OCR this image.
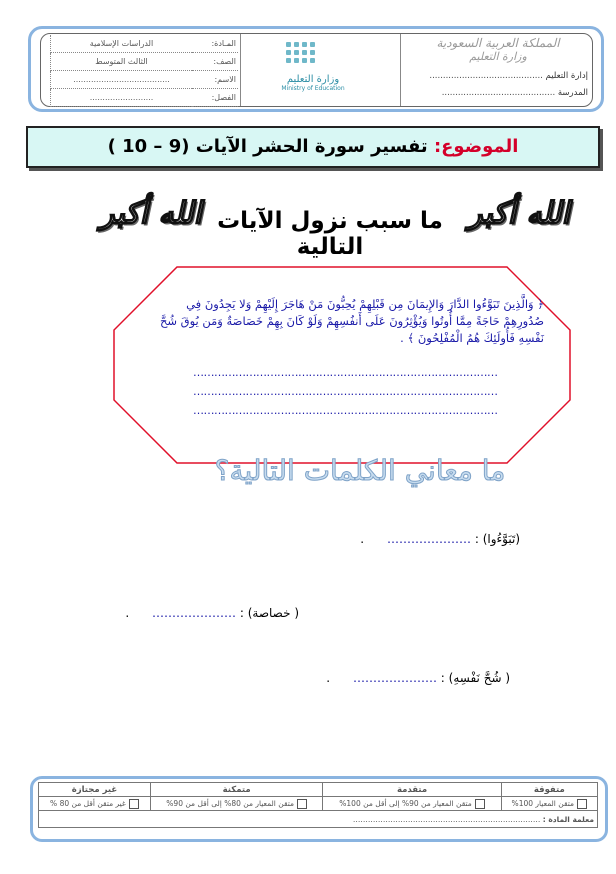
المملكة العربية السعودية
وزارة التعليم
إدارة التعليم ..........................................
المدرسة ..........................................
وزارة التعليم
Ministry of Education
الدراسات الإسلامية	المـادة:
الثالث المتوسط	الصف:
......................................	الاسم:
.........................	الفصل:
الموضوع: تفسير سورة الحشر الآيات (9 – 10 )
الله أكبر	الله أكبر
ما سبب نزول الآيات التالية
﴿ وَالَّذِينَ تَبَوَّءُوا الدَّارَ وَالإِيمَانَ مِن قَبْلِهِمْ يُحِبُّونَ مَنْ هَاجَرَ إِلَيْهِمْ وَلا يَجِدُونَ فِي صُدُورِهِمْ حَاجَةً مِمَّا أُوتُوا وَيُؤْثِرُونَ عَلَى أَنفُسِهِمْ وَلَوْ كَانَ بِهِمْ خَصَاصَةٌ وَمَن يُوقَ شُحَّ نَفْسِهِ فَأُولَئِكَ هُمُ الْمُفْلِحُونَ ﴾ .
……………………………………………………………………………
……………………………………………………………………………
……………………………………………………………………………
ما معاني الكلمات التالية؟
(تَبَوَّءُوا) : …………………      .
( خصاصة) : …………………      .
( شُحَّ نَفْسِهِ) : …………………      .
غير مجتازة	متمكنة	متقدمة	متفوقة
غير متقن أقل من 80 %	متقن المعيار من 80% إلى أقل من 90%	متقن المعيار من 90% إلى أقل من 100%	متقن المعيار 100%
معلمة المادة : …………………………………………………………………			
